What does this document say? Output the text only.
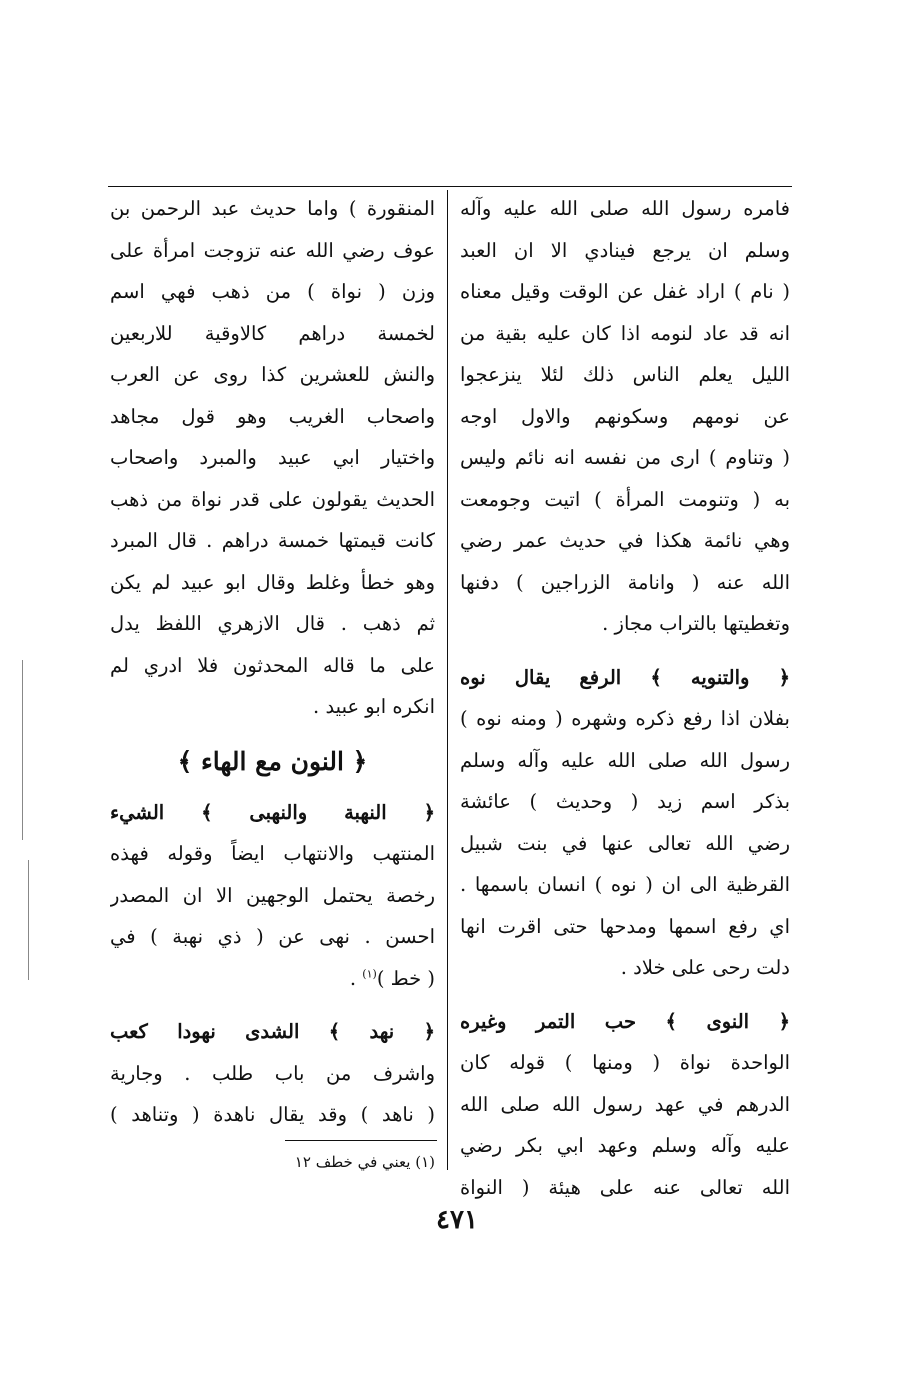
فامره رسول الله صلى الله عليه وآله
وسلم ان يرجع فينادي الا ان العبد
( نام ) اراد غفل عن الوقت وقيل معناه
انه قد عاد لنومه اذا كان عليه بقية من
الليل يعلم الناس ذلك لئلا ينزعجوا
عن نومهم وسكونهم والاول اوجه
( وتناوم ) ارى من نفسه انه نائم وليس
به ( وتنومت المرأة ) اتيت وجومعت
وهي نائمة هكذا في حديث عمر رضي
الله عنه ( وانامة الزراجين ) دفنها
وتغطيتها بالتراب مجاز .
﴿ والتنويه ﴾ الرفع يقال نوه
بفلان اذا رفع ذكره وشهره ( ومنه نوه )
رسول الله صلى الله عليه وآله وسلم
بذكر اسم زيد ( وحديث ) عائشة
رضي الله تعالى عنها في بنت شبيل
القرظية الى ان ( نوه ) انسان باسمها .
اي رفع اسمها ومدحها حتى اقرت انها
دلت رحى على خلاد .
﴿ النوى ﴾ حب التمر وغيره
الواحدة نواة ( ومنها ) قوله كان
الدرهم في عهد رسول الله صلى الله
عليه وآله وسلم وعهد ابي بكر رضي
الله تعالى عنه على هيئة ( النواة
المنقورة ) واما حديث عبد الرحمن بن
عوف رضي الله عنه تزوجت امرأة على
وزن ( نواة ) من ذهب فهي اسم
لخمسة دراهم كالاوقية للاربعين
والنش للعشرين كذا روى عن العرب
واصحاب الغريب وهو قول مجاهد
واختيار ابي عبيد والمبرد واصحاب
الحديث يقولون على قدر نواة من ذهب
كانت قيمتها خمسة دراهم . قال المبرد
وهو خطأ وغلط وقال ابو عبيد لم يكن
ثم ذهب . قال الازهري اللفظ يدل
على ما قاله المحدثون فلا ادري لم
انكره ابو عبيد .
﴿ النون مع الهاء ﴾
﴿ النهبة والنهبى ﴾ الشيء
المنتهب والانتهاب ايضاً وقوله فهذه
رخصة يحتمل الوجهين الا ان المصدر
احسن . نهى عن ( ذي نهبة ) في
( خط )$^{(١)}$ .
﴿ نهد ﴾ الشدى نهودا كعب
واشرف من باب طلب . وجارية
( ناهد ) وقد يقال ناهدة ( وتناهد )
(١) يعني في خطف ١٢
٤٧١
